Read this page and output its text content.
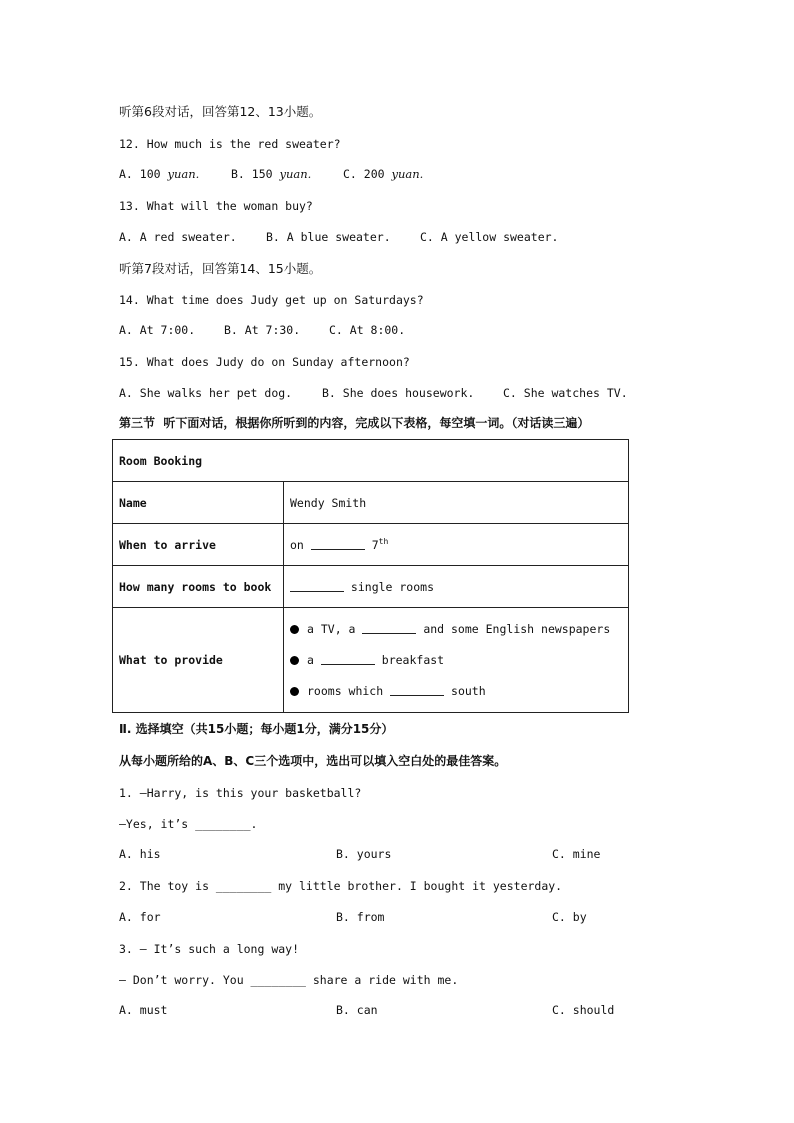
听第6段对话，回答第12、13小题。
12. How much is the red sweater?
A. 100 yuan.	B. 150 yuan.	C. 200 yuan.
13. What will the woman buy?
A. A red sweater.	B. A blue sweater.	C. A yellow sweater.
听第7段对话，回答第14、15小题。
14. What time does Judy get up on Saturdays?
A. At 7:00.	B. At 7:30.	C. At 8:00.
15. What does Judy do on Sunday afternoon?
A. She walks her pet dog.	B. She does housework. C. She watches TV.
第三节  听下面对话，根据你所听到的内容，完成以下表格，每空填一词。（对话读三遍）
Room Booking	
Name	Wendy Smith
When to arrive	on 7th
How many rooms to book	single rooms
What to provide	a TV, a and some English newspapers
a breakfast
rooms which south
Ⅱ. 选择填空（共15小题；每小题1分，满分15分）
从每小题所给的A、B、C三个选项中，选出可以填入空白处的最佳答案。
1. —Harry, is this your basketball?
—Yes, it’s ________.
A. his	B. yours	C. mine
2. The toy is ________ my little brother. I bought it yesterday.
A. for	B. from	C. by
3. — It’s such a long way!
— Don’t worry. You ________ share a ride with me.
A. must	B. can	C. should
